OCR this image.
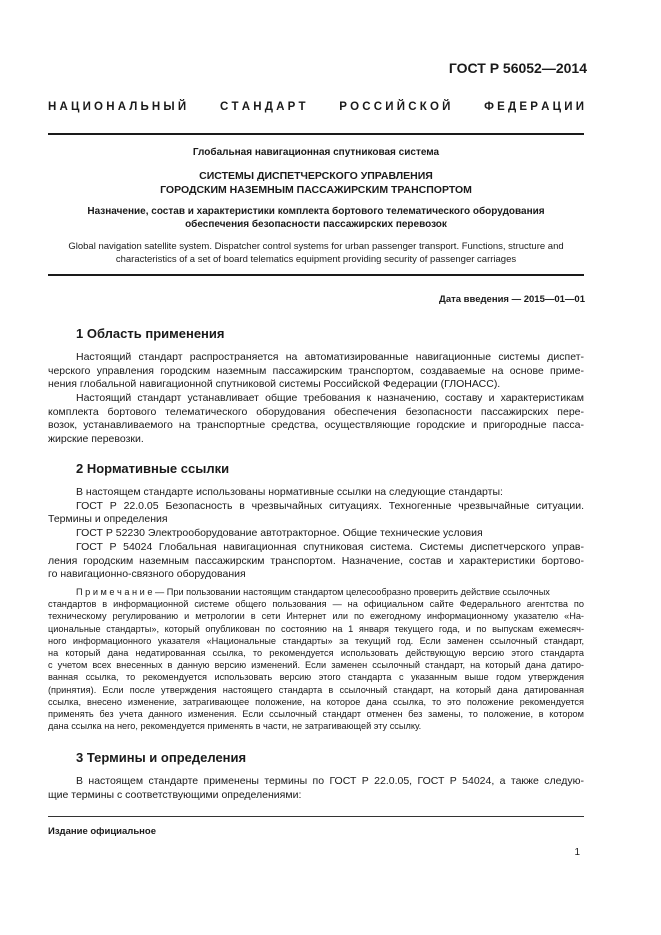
ГОСТ Р 56052—2014
Н А Ц И О Н А Л Ь Н Ы Й	С Т А Н Д А Р Т	Р О С С И Й С К О Й	Ф Е Д Е Р А Ц И И
Глобальная навигационная спутниковая система
СИСТЕМЫ ДИСПЕТЧЕРСКОГО УПРАВЛЕНИЯ
ГОРОДСКИМ НАЗЕМНЫМ ПАССАЖИРСКИМ ТРАНСПОРТОМ
Назначение, состав и характеристики комплекта бортового телематического оборудования
обеспечения безопасности пассажирских перевозок
Global navigation satellite system. Dispatcher control systems for urban passenger transport. Functions, structure and
characteristics of a set of board telematics equipment providing security of passenger carriages
Дата введения — 2015—01—01
1 Область применения
Настоящий стандарт распространяется на автоматизированные навигационные системы диспет-
черского управления городским наземным пассажирским транспортом, создаваемые на основе приме-
нения глобальной навигационной спутниковой системы Российской Федерации (ГЛОНАСС).
Настоящий стандарт устанавливает общие требования к назначению, составу и характеристикам
комплекта бортового телематического оборудования обеспечения безопасности пассажирских пере-
возок, устанавливаемого на транспортные средства, осуществляющие городские и пригородные пасса-
жирские перевозки.
2 Нормативные ссылки
В настоящем стандарте использованы нормативные ссылки на следующие стандарты:
ГОСТ Р 22.0.05 Безопасность в чрезвычайных ситуациях. Техногенные чрезвычайные ситуации.
Термины и определения
ГОСТ Р 52230 Электрооборудование автотракторное. Общие технические условия
ГОСТ Р 54024 Глобальная навигационная спутниковая система. Системы диспетчерского управ-
ления городским наземным пассажирским транспортом. Назначение, состав и характеристики бортово-
го навигационно-связного оборудования
П р и м е ч а н и е — При пользовании настоящим стандартом целесообразно проверить действие ссылочных
стандартов в информационной системе общего пользования — на официальном сайте Федерального агентства по
техническому регулированию и метрологии в сети Интернет или по ежегодному информационному указателю «На-
циональные стандарты», который опубликован по состоянию на 1 января текущего года, и по выпускам ежемесяч-
ного информационного указателя «Национальные стандарты» за текущий год. Если заменен ссылочный стандарт,
на который дана недатированная ссылка, то рекомендуется использовать действующую версию этого стандарта
с учетом всех внесенных в данную версию изменений. Если заменен ссылочный стандарт, на который дана датиро-
ванная ссылка, то рекомендуется использовать версию этого стандарта с указанным выше годом утверждения
(принятия). Если после утверждения настоящего стандарта в ссылочный стандарт, на который дана датированная
ссылка, внесено изменение, затрагивающее положение, на которое дана ссылка, то это положение рекомендуется
применять без учета данного изменения. Если ссылочный стандарт отменен без замены, то положение, в котором
дана ссылка на него, рекомендуется применять в части, не затрагивающей эту ссылку.
3 Термины и определения
В настоящем стандарте применены термины по ГОСТ Р 22.0.05, ГОСТ Р 54024, а также следую-
щие термины с соответствующими определениями:
Издание официальное
1
